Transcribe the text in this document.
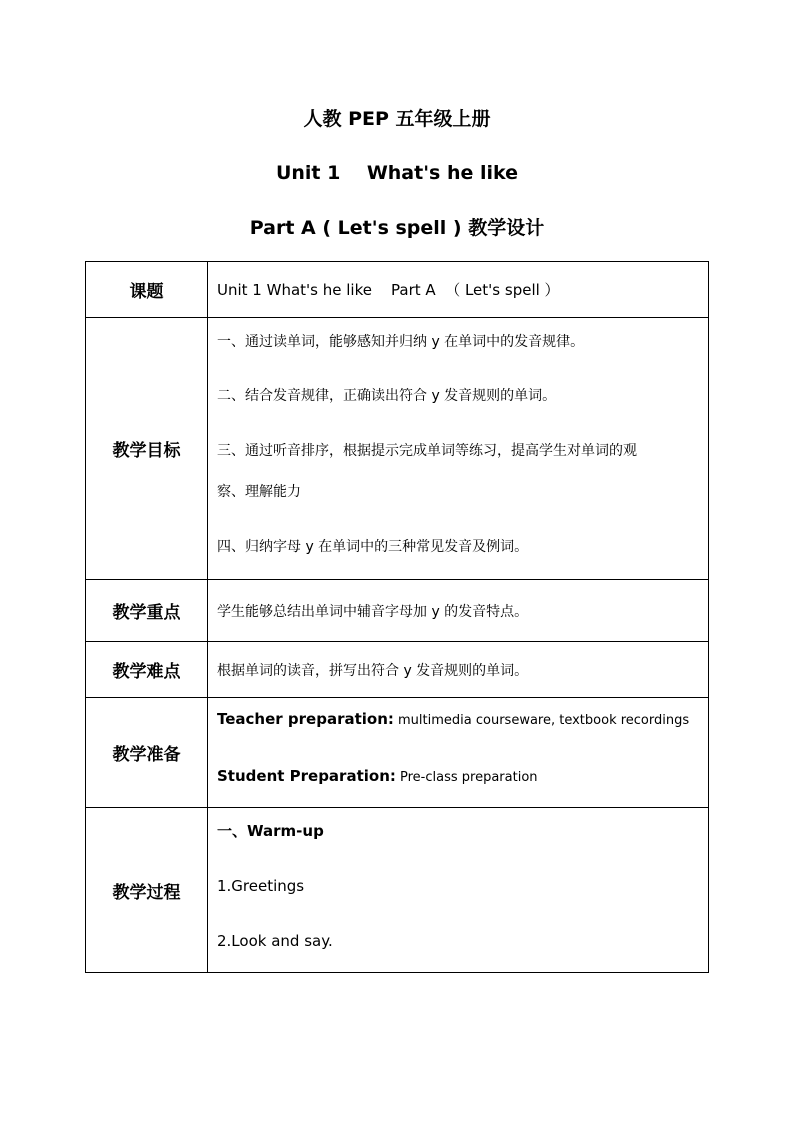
人教 PEP 五年级上册
Unit 1    What's he like
Part A ( Let's spell ) 教学设计
课题	Unit 1 What's he like    Part A  （ Let's spell ）
教学目标	一、通过读单词，能够感知并归纳 y 在单词中的发音规律。
二、结合发音规律，正确读出符合 y 发音规则的单词。
三、通过听音排序，根据提示完成单词等练习，提高学生对单词的观
察、理解能力
四、归纳字母 y 在单词中的三种常见发音及例词。

教学重点	学生能够总结出单词中辅音字母加 y 的发音特点。
教学难点	根据单词的读音，拼写出符合 y 发音规则的单词。
教学准备	Teacher preparation: multimedia courseware, textbook recordings
Student Preparation: Pre-class preparation

教学过程	一、Warm-up
1.Greetings
2.Look and say.
